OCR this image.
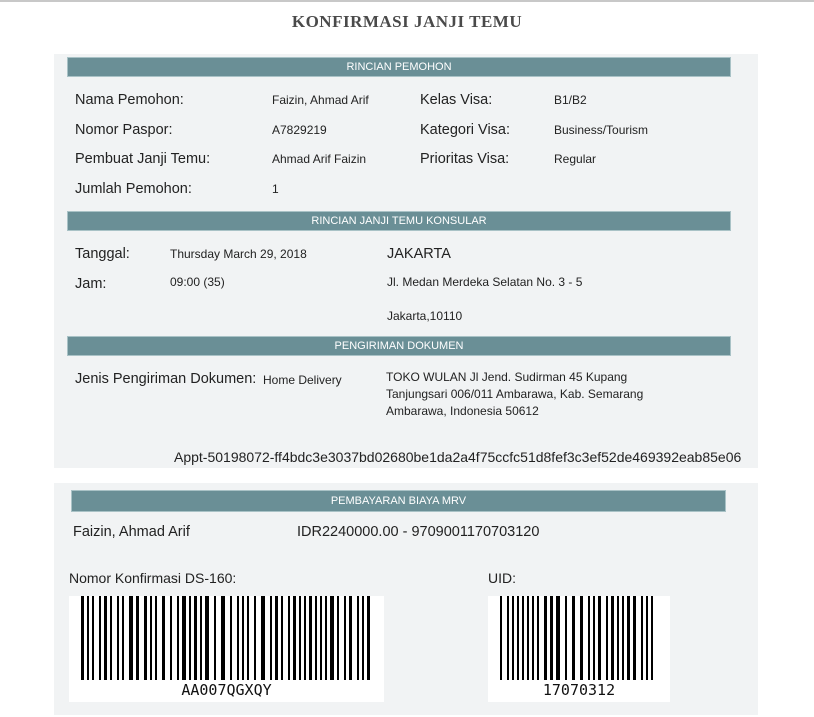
KONFIRMASI JANJI TEMU
RINCIAN PEMOHON
Nama Pemohon:	Faizin, Ahmad Arif	Kelas Visa:	B1/B2
Nomor Paspor:	A7829219	Kategori Visa:	Business/Tourism
Pembuat Janji Temu:	Ahmad Arif Faizin	Prioritas Visa:	Regular
Jumlah Pemohon:	1
RINCIAN JANJI TEMU KONSULAR
Tanggal:	Thursday March 29, 2018	JAKARTA
Jam:	09:00 (35)	Jl. Medan Merdeka Selatan No. 3 - 5
Jakarta,10110
PENGIRIMAN DOKUMEN
Jenis Pengiriman Dokumen: Home Delivery	TOKO WULAN Jl Jend. Sudirman 45 Kupang Tanjungsari 006/011 Ambarawa, Kab. Semarang Ambarawa, Indonesia 50612
Appt-50198072-ff4bdc3e3037bd02680be1da2a4f75ccfc51d8fef3c3ef52de469392eab85e06
PEMBAYARAN BIAYA MRV
Faizin, Ahmad Arif	IDR2240000.00 - 9709001170703120
Nomor Konfirmasi DS-160:	UID:
AA007QGXQY	17070312
